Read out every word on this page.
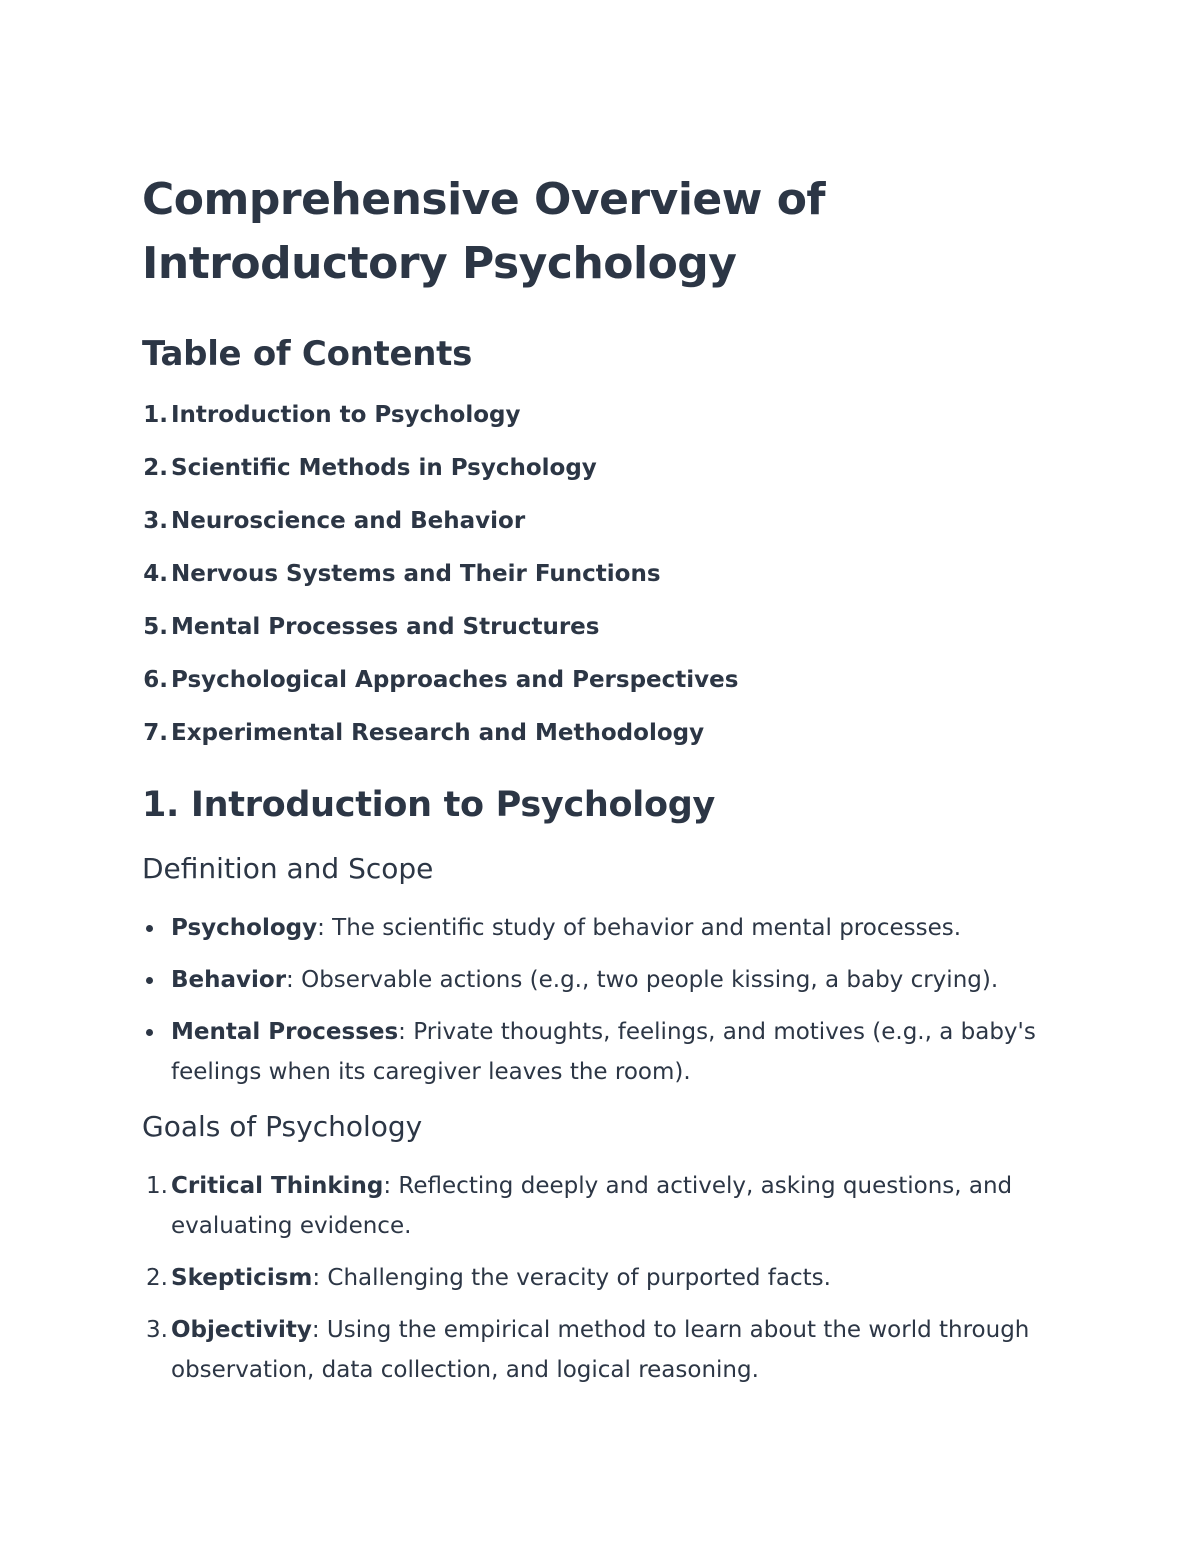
Comprehensive Overview of Introductory Psychology
Table of Contents
1. Introduction to Psychology
2. Scientific Methods in Psychology
3. Neuroscience and Behavior
4. Nervous Systems and Their Functions
5. Mental Processes and Structures
6. Psychological Approaches and Perspectives
7. Experimental Research and Methodology
1. Introduction to Psychology
Definition and Scope
Psychology: The scientific study of behavior and mental processes.
Behavior: Observable actions (e.g., two people kissing, a baby crying).
Mental Processes: Private thoughts, feelings, and motives (e.g., a baby's feelings when its caregiver leaves the room).
Goals of Psychology
1. Critical Thinking: Reflecting deeply and actively, asking questions, and evaluating evidence.
2. Skepticism: Challenging the veracity of purported facts.
3. Objectivity: Using the empirical method to learn about the world through observation, data collection, and logical reasoning.
